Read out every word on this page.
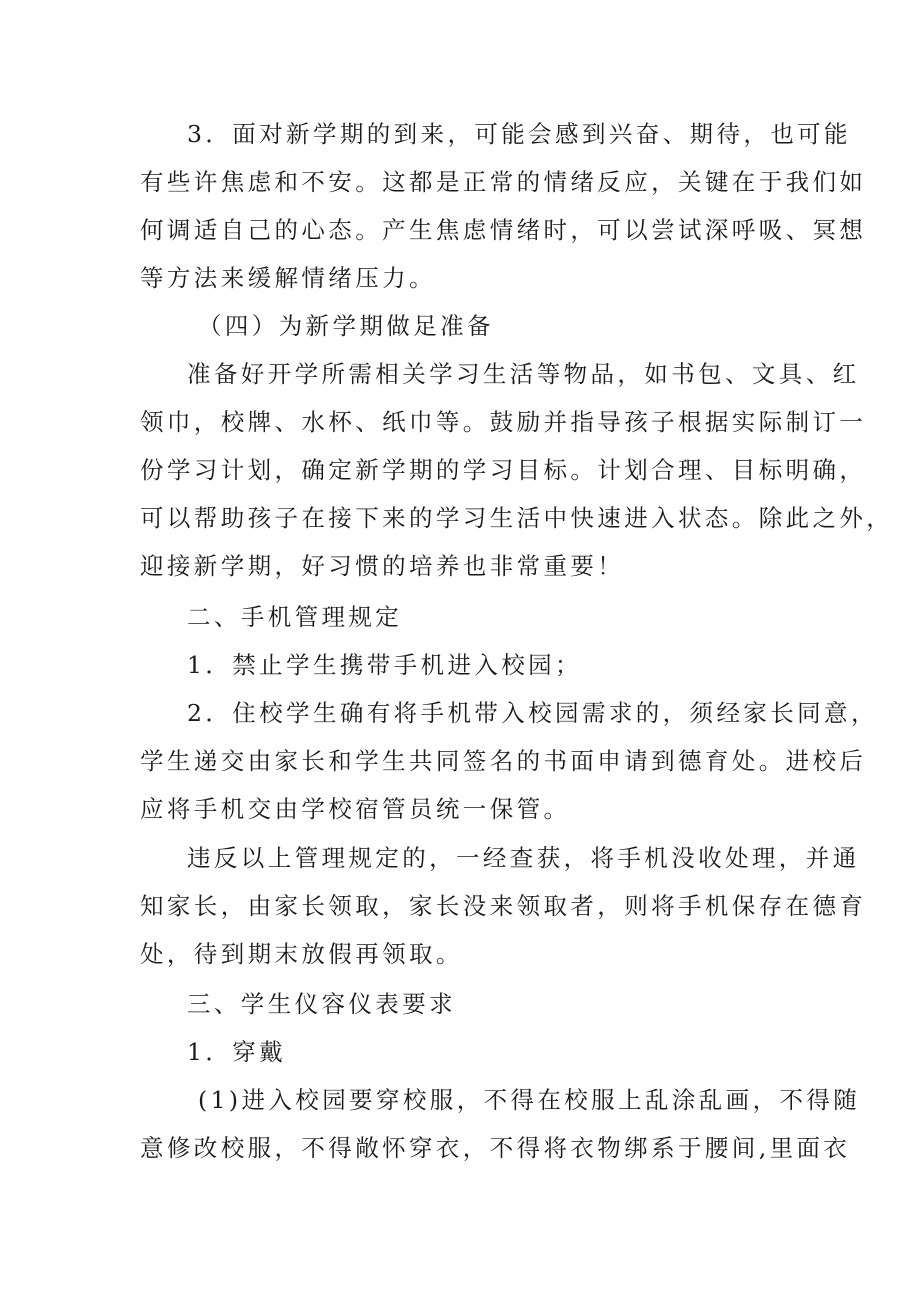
3．面对新学期的到来，可能会感到兴奋、期待，也可能
有些许焦虑和不安。这都是正常的情绪反应，关键在于我们如
何调适自己的心态。产生焦虑情绪时，可以尝试深呼吸、冥想
等方法来缓解情绪压力。
（四）为新学期做足准备
准备好开学所需相关学习生活等物品，如书包、文具、红
领巾，校牌、水杯、纸巾等。鼓励并指导孩子根据实际制订一
份学习计划，确定新学期的学习目标。计划合理、目标明确，
可以帮助孩子在接下来的学习生活中快速进入状态。除此之外，
迎接新学期，好习惯的培养也非常重要！
二、手机管理规定
1．禁止学生携带手机进入校园；
2．住校学生确有将手机带入校园需求的，须经家长同意，
学生递交由家长和学生共同签名的书面申请到德育处。进校后
应将手机交由学校宿管员统一保管。
违反以上管理规定的，一经查获，将手机没收处理，并通
知家长，由家长领取，家长没来领取者，则将手机保存在德育
处，待到期末放假再领取。
三、学生仪容仪表要求
1．穿戴
(1)进入校园要穿校服，不得在校服上乱涂乱画，不得随
意修改校服，不得敞怀穿衣，不得将衣物绑系于腰间,里面衣
